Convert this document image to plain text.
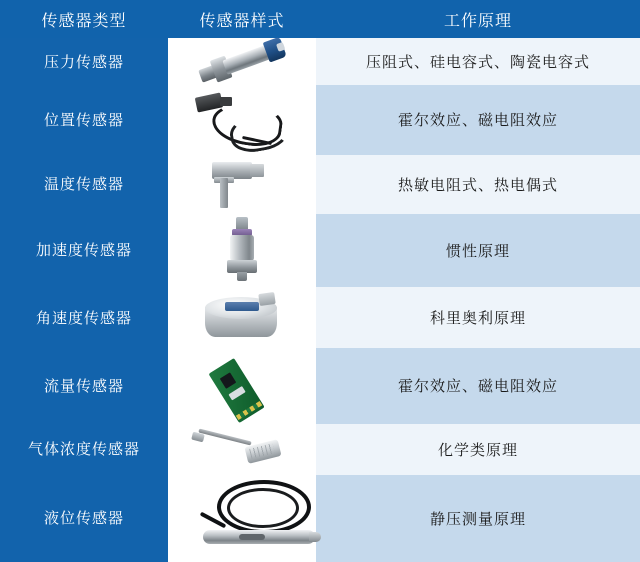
传感器类型	传感器样式	工作原理
压力传感器	压阻式、硅电容式、陶瓷电容式
位置传感器	霍尔效应、磁电阻效应
温度传感器	热敏电阻式、热电偶式
加速度传感器	惯性原理
角速度传感器	科里奥利原理
流量传感器	霍尔效应、磁电阻效应
气体浓度传感器	化学类原理
液位传感器	静压测量原理
